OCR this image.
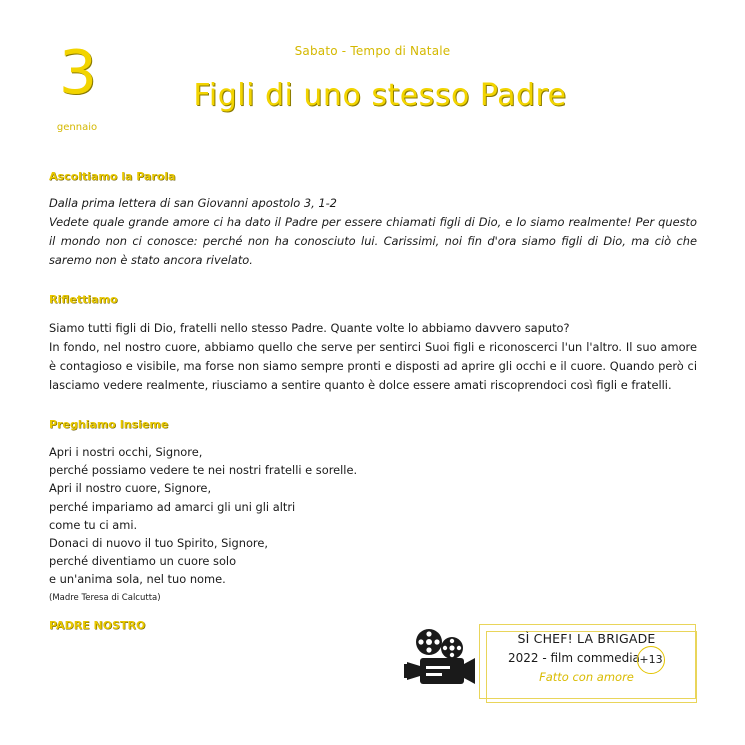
3
gennaio
Sabato - Tempo di Natale
Figli di uno stesso Padre
Ascoltiamo la Parola
Dalla prima lettera di san Giovanni apostolo 3, 1-2
Vedete quale grande amore ci ha dato il Padre per essere chiamati figli di Dio, e lo siamo realmente! Per questo il mondo non ci conosce: perché non ha conosciuto lui. Carissimi, noi fin d'ora siamo figli di Dio, ma ciò che saremo non è stato ancora rivelato.
Riflettiamo
Siamo tutti figli di Dio, fratelli nello stesso Padre. Quante volte lo abbiamo davvero saputo?
In fondo, nel nostro cuore, abbiamo quello che serve per sentirci Suoi figli e riconoscerci l'un l'altro. Il suo amore è contagioso e visibile, ma forse non siamo sempre pronti e disposti ad aprire gli occhi e il cuore. Quando però ci lasciamo vedere realmente, riusciamo a sentire quanto è dolce essere amati riscoprendoci così figli e fratelli.
Preghiamo Insieme

Apri i nostri occhi, Signore,

perché possiamo vedere te nei nostri fratelli e sorelle.

Apri il nostro cuore, Signore,

perché impariamo ad amarci gli uni gli altri

come tu ci ami.

Donaci di nuovo il tuo Spirito, Signore,

perché diventiamo un cuore solo

e un'anima sola, nel tuo nome.

(Madre Teresa di Calcutta)

PADRE NOSTRO
SÌ CHEF! LA BRIGADE
2022 - film commedia +13
Fatto con amore
